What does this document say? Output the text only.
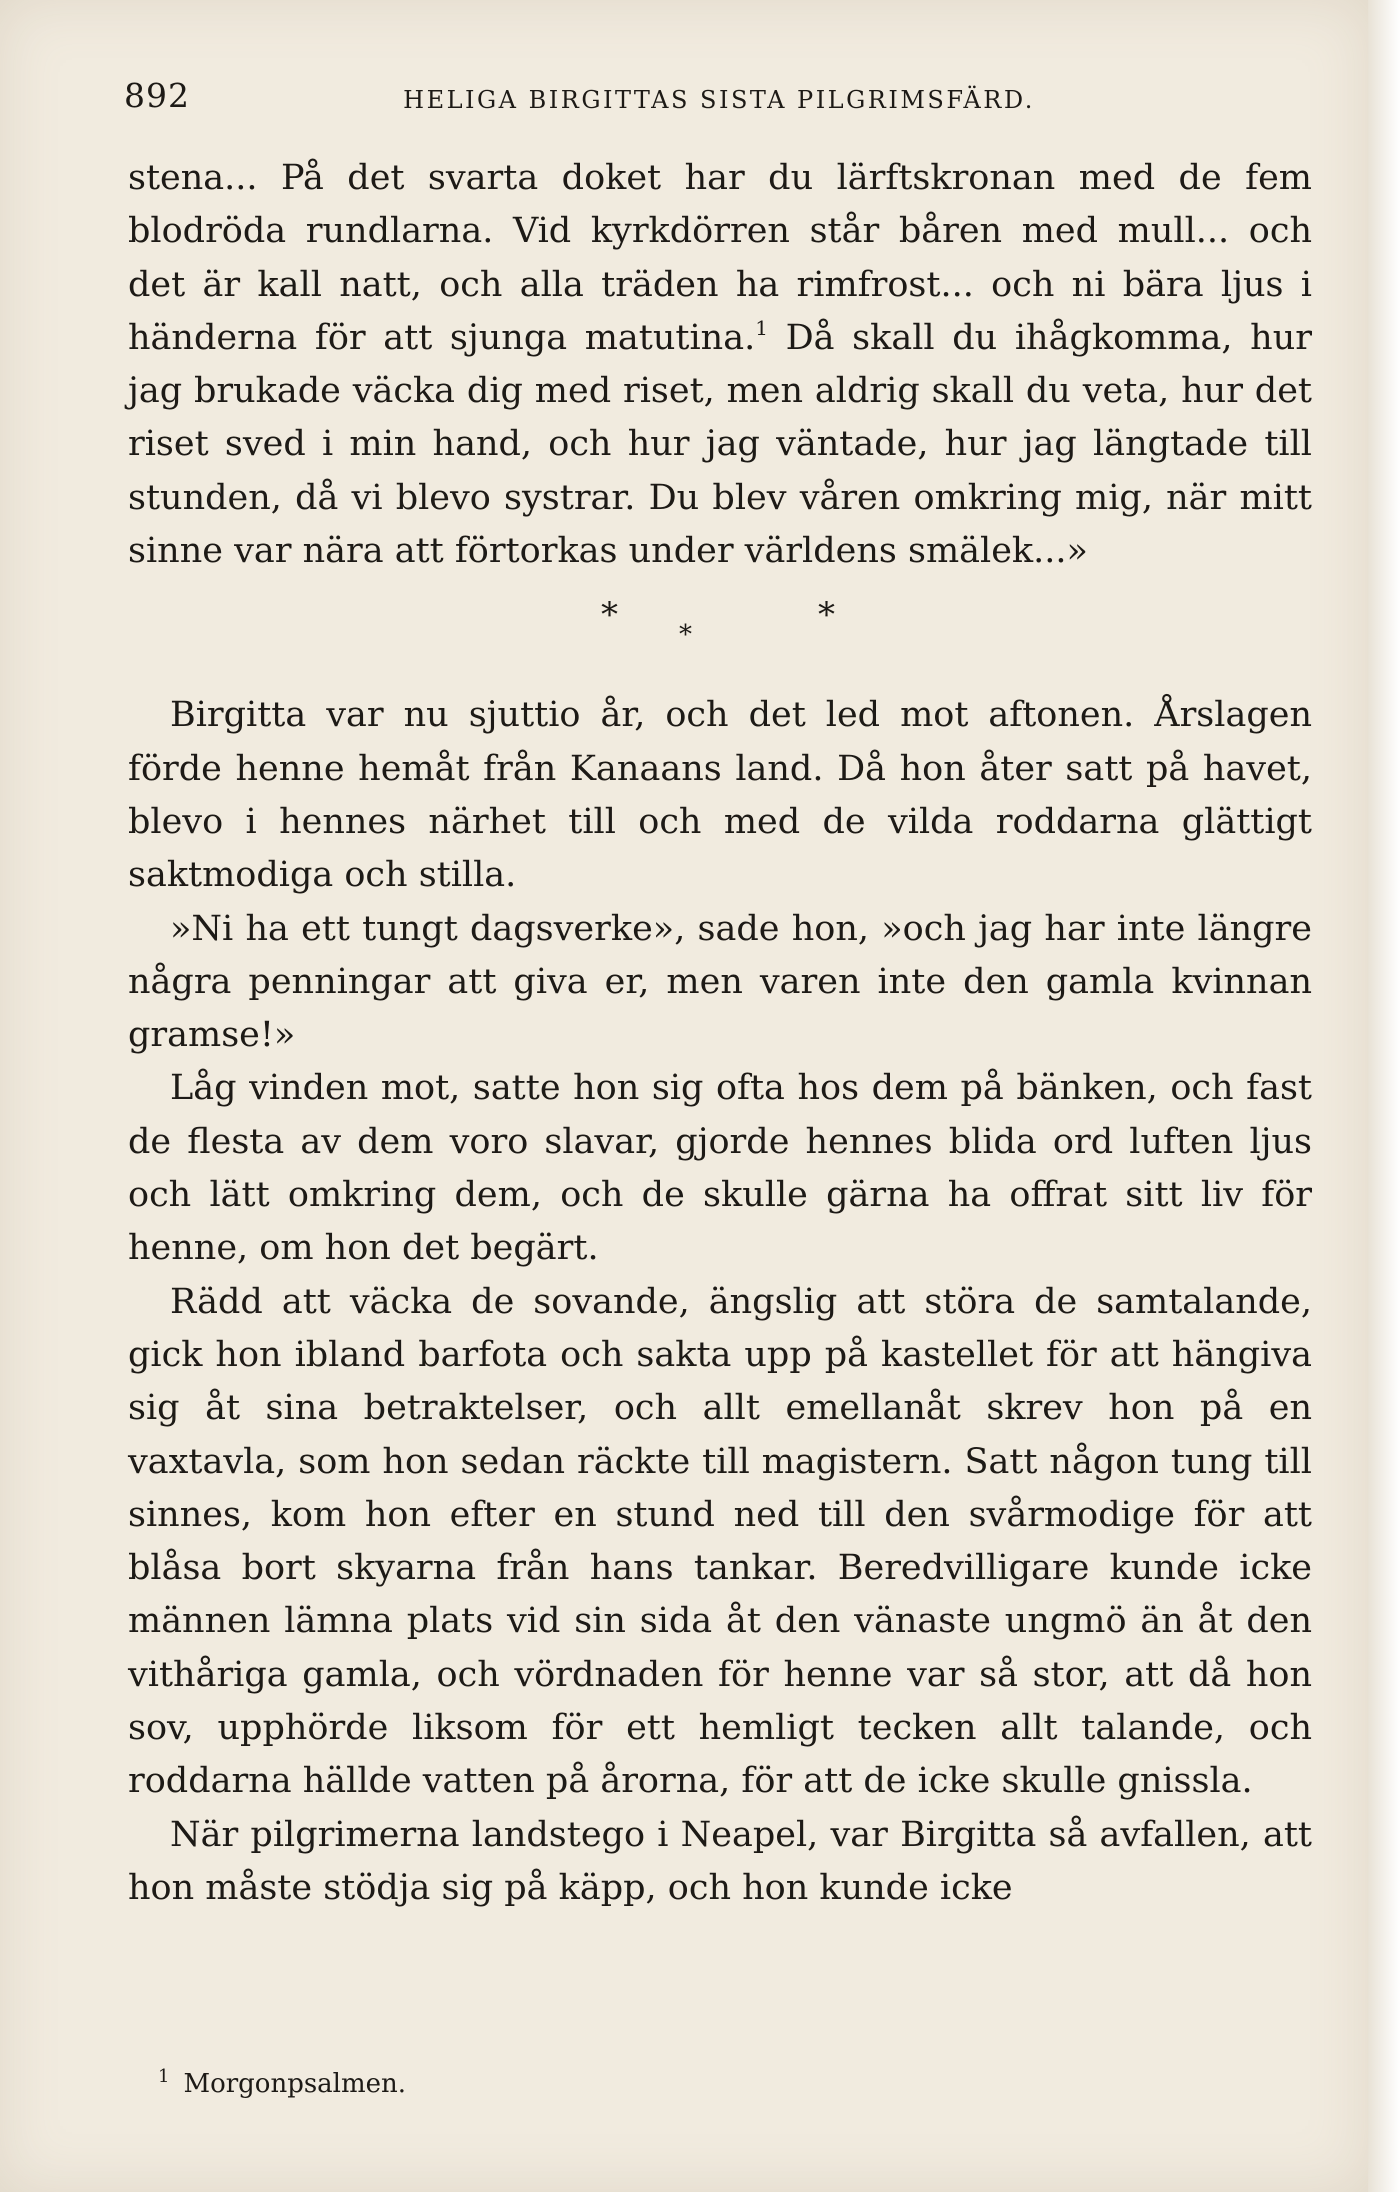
892	HELIGA BIRGITTAS SISTA PILGRIMSFÄRD.

stena... På det svarta doket har du lärftskronan med de fem blodröda rundlarna. Vid kyrkdörren står båren med mull... och det är kall natt, och alla träden ha rimfrost... och ni bära ljus i händerna för att sjunga matutina.$^1$ Då skall du ihågkomma, hur jag brukade väcka dig med riset, men aldrig skall du veta, hur det riset sved i min hand, och hur jag väntade, hur jag längtade till stunden, då vi blevo systrar. Du blev våren omkring mig, när mitt sinne var nära att förtorkas under världens smälek...»

* *	*

Birgitta var nu sjuttio år, och det led mot aftonen. Årslagen förde henne hemåt från Kanaans land. Då hon åter satt på havet, blevo i hennes närhet till och med de vilda roddarna glättigt saktmodiga och stilla.

»Ni ha ett tungt dagsverke», sade hon, »och jag har inte längre några penningar att giva er, men varen inte den gamla kvinnan gramse!»

Låg vinden mot, satte hon sig ofta hos dem på bänken, och fast de flesta av dem voro slavar, gjorde hennes blida ord luften ljus och lätt omkring dem, och de skulle gärna ha offrat sitt liv för henne, om hon det begärt.

Rädd att väcka de sovande, ängslig att störa de samtalande, gick hon ibland barfota och sakta upp på kastellet för att hängiva sig åt sina betraktelser, och allt emellanåt skrev hon på en vaxtavla, som hon sedan räckte till magistern. Satt någon tung till sinnes, kom hon efter en stund ned till den svårmodige för att blåsa bort skyarna från hans tankar. Beredvilligare kunde icke männen lämna plats vid sin sida åt den vänaste ungmö än åt den vithåriga gamla, och vördnaden för henne var så stor, att då hon sov, upphörde liksom för ett hemligt tecken allt talande, och roddarna hällde vatten på årorna, för att de icke skulle gnissla.

När pilgrimerna landstego i Neapel, var Birgitta så avfallen, att hon måste stödja sig på käpp, och hon kunde icke

$^1$ Morgonpsalmen.
